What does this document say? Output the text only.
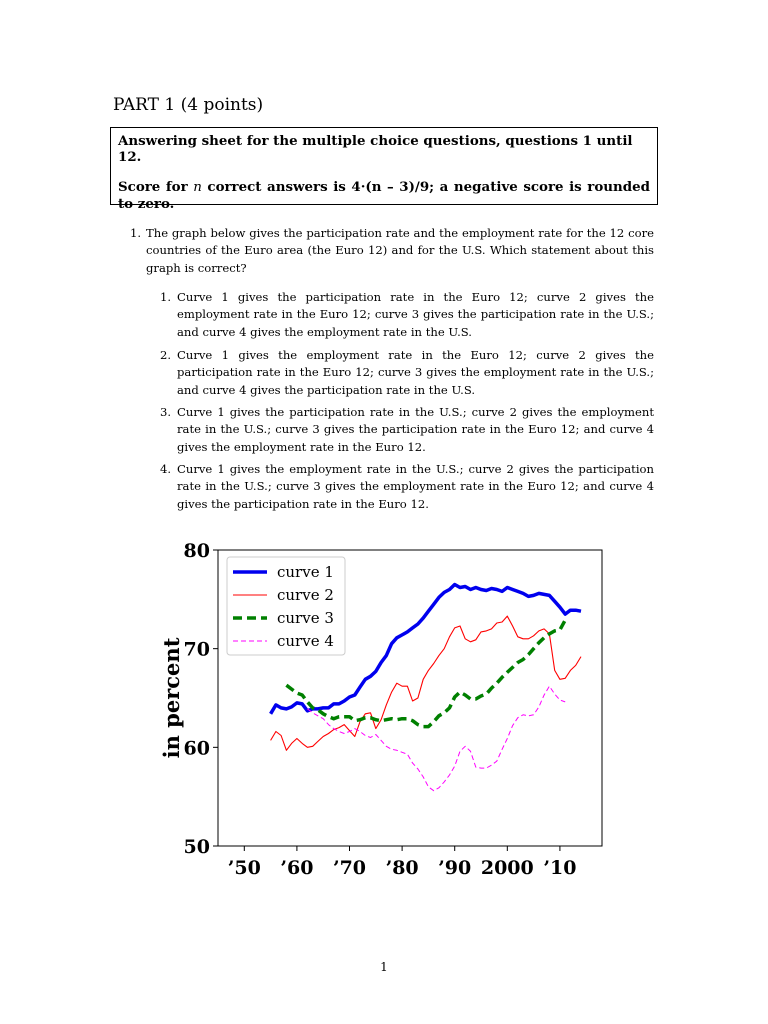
PART 1 (4 points)

Answering sheet for the multiple choice questions, questions 1 until 12.

Score for n correct answers is 4·(n – 3)/9; a negative score is rounded to zero.

1. The graph below gives the participation rate and the employment rate for the 12 core countries of the Euro area (the Euro 12) and for the U.S. Which statement about this graph is correct?
1. Curve 1 gives the participation rate in the Euro 12; curve 2 gives the employment rate in the Euro 12; curve 3 gives the participation rate in the U.S.; and curve 4 gives the employment rate in the U.S.
2. Curve 1 gives the employment rate in the Euro 12; curve 2 gives the participation rate in the Euro 12; curve 3 gives the employment rate in the U.S.; and curve 4 gives the participation rate in the U.S.
3. Curve 1 gives the participation rate in the U.S.; curve 2 gives the employment rate in the U.S.; curve 3 gives the participation rate in the Euro 12; and curve 4 gives the employment rate in the Euro 12.
4. Curve 1 gives the employment rate in the U.S.; curve 2 gives the participation rate in the U.S.; curve 3 gives the employment rate in the Euro 12; and curve 4 gives the participation rate in the Euro 12.
’50 ’60 ’70 ’80 ’90 2000 ’10
50
60
70
80
in percent
curve 1
curve 2
curve 3
curve 4
1
